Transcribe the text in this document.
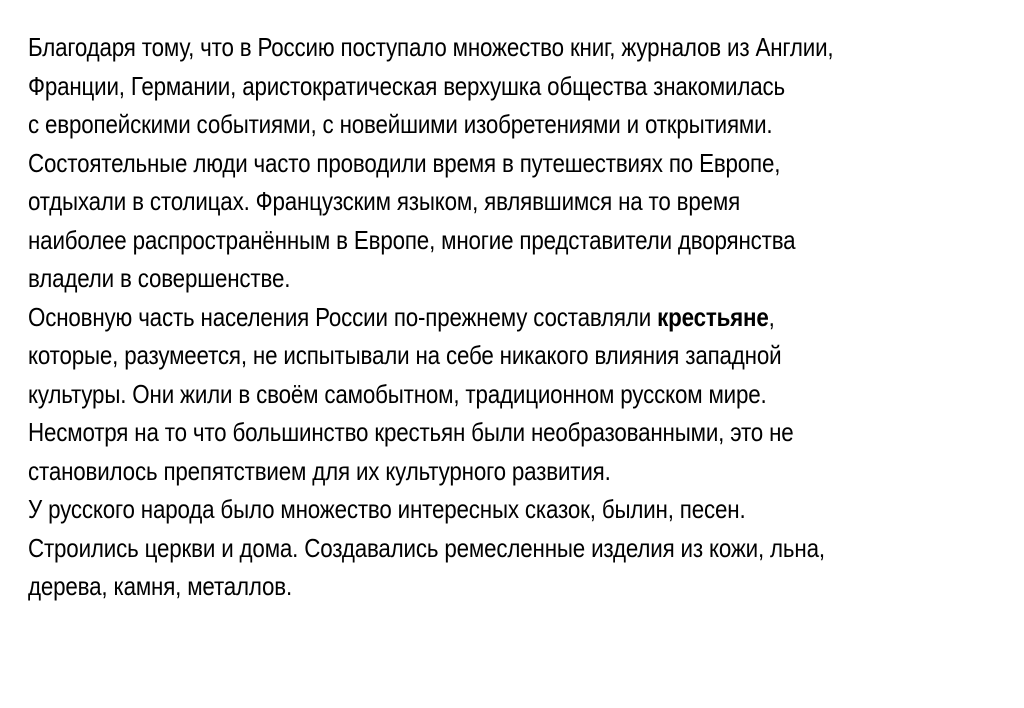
Благодаря тому, что в Россию поступало множество книг, журналов из Англии,
Франции, Германии, аристократическая верхушка общества знакомилась
с европейскими событиями, с новейшими изобретениями и открытиями.
Состоятельные люди часто проводили время в путешествиях по Европе,
отдыхали в столицах. Французским языком, являвшимся на то время
наиболее распространённым в Европе, многие представители дворянства
владели в совершенстве.
Основную часть населения России по-прежнему составляли крестьяне,
которые, разумеется, не испытывали на себе никакого влияния западной
культуры. Они жили в своём самобытном, традиционном русском мире.
Несмотря на то что большинство крестьян были необразованными, это не
становилось препятствием для их культурного развития.
У русского народа было множество интересных сказок, былин, песен.
Строились церкви и дома. Создавались ремесленные изделия из кожи, льна,
дерева, камня, металлов.
